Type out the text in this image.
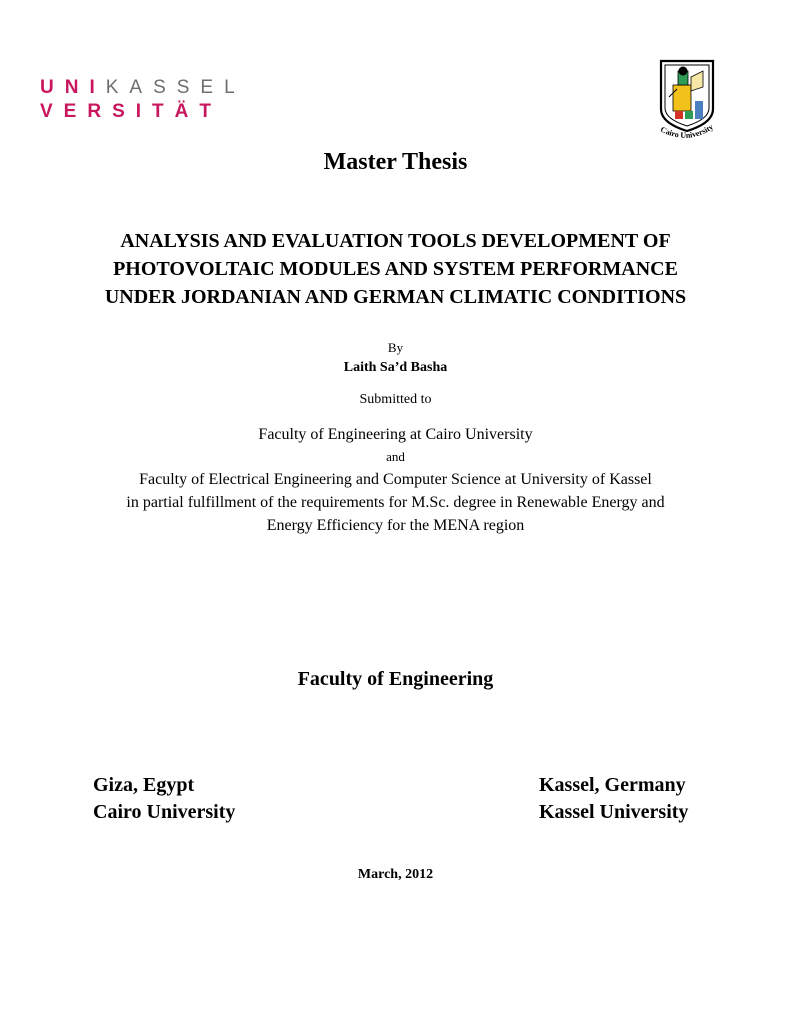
UNIKASSEL
VERSITÄT
Cairo University
Master Thesis
ANALYSIS AND EVALUATION TOOLS DEVELOPMENT OF
PHOTOVOLTAIC MODULES AND SYSTEM PERFORMANCE
UNDER JORDANIAN AND GERMAN CLIMATIC CONDITIONS
By
Laith Sa’d Basha
Submitted to
Faculty of Engineering at Cairo University
and
Faculty of Electrical Engineering and Computer Science at University of Kassel
in partial fulfillment of the requirements for M.Sc. degree in Renewable Energy and
Energy Efficiency for the MENA region
Faculty of Engineering
Giza, Egypt
Cairo University
Kassel, Germany
Kassel University
March, 2012
